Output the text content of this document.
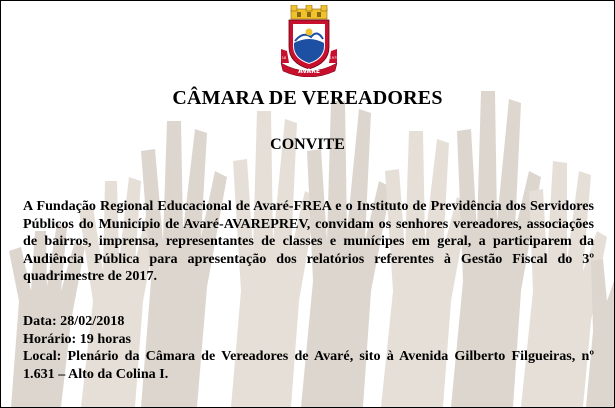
AVARÉ
18	1979
CÂMARA DE VEREADORES
CONVITE

A Fundação Regional Educacional de Avaré-FREA e o Instituto de Previdência dos Servidores Públicos do Município de Avaré-AVAREPREV, convidam os senhores vereadores, associações de bairros, imprensa, representantes de classes e munícipes em geral, a participarem da Audiência Pública para apresentação dos relatórios referentes à Gestão Fiscal do 3º quadrimestre de 2017.

Data: 28/02/2018

Horário: 19 horas

Local: Plenário da Câmara de Vereadores de Avaré, sito à Avenida Gilberto Filgueiras, nº 1.631 – Alto da Colina I.
